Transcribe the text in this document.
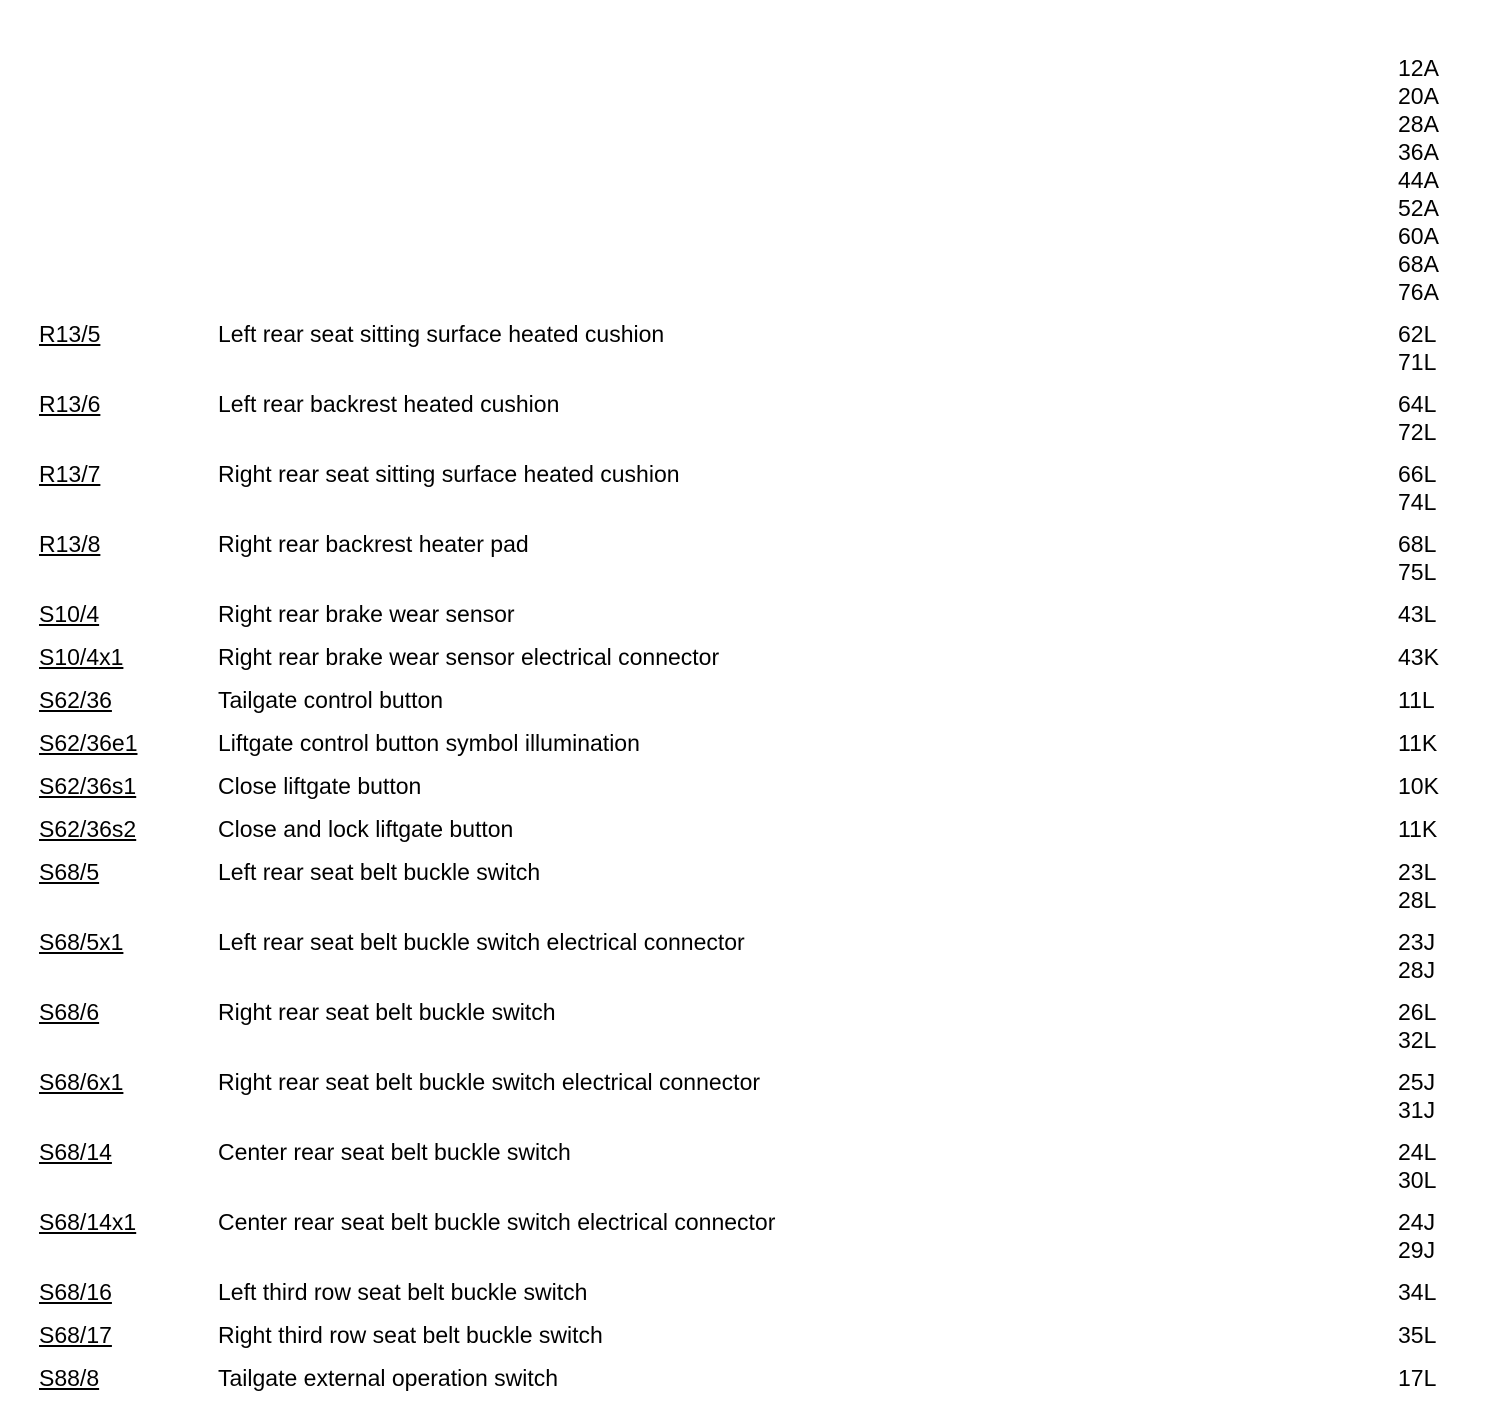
12A
20A
28A
36A
44A
52A
60A
68A
76A
R13/5	Left rear seat sitting surface heated cushion	62L
71L
R13/6	Left rear backrest heated cushion	64L
72L
R13/7	Right rear seat sitting surface heated cushion	66L
74L
R13/8	Right rear backrest heater pad	68L
75L
S10/4	Right rear brake wear sensor	43L
S10/4x1	Right rear brake wear sensor electrical connector	43K
S62/36	Tailgate control button	11L
S62/36e1	Liftgate control button symbol illumination	11K
S62/36s1	Close liftgate button	10K
S62/36s2	Close and lock liftgate button	11K
S68/5	Left rear seat belt buckle switch	23L
28L
S68/5x1	Left rear seat belt buckle switch electrical connector	23J
28J
S68/6	Right rear seat belt buckle switch	26L
32L
S68/6x1	Right rear seat belt buckle switch electrical connector	25J
31J
S68/14	Center rear seat belt buckle switch	24L
30L
S68/14x1	Center rear seat belt buckle switch electrical connector	24J
29J
S68/16	Left third row seat belt buckle switch	34L
S68/17	Right third row seat belt buckle switch	35L
S88/8	Tailgate external operation switch	17L
